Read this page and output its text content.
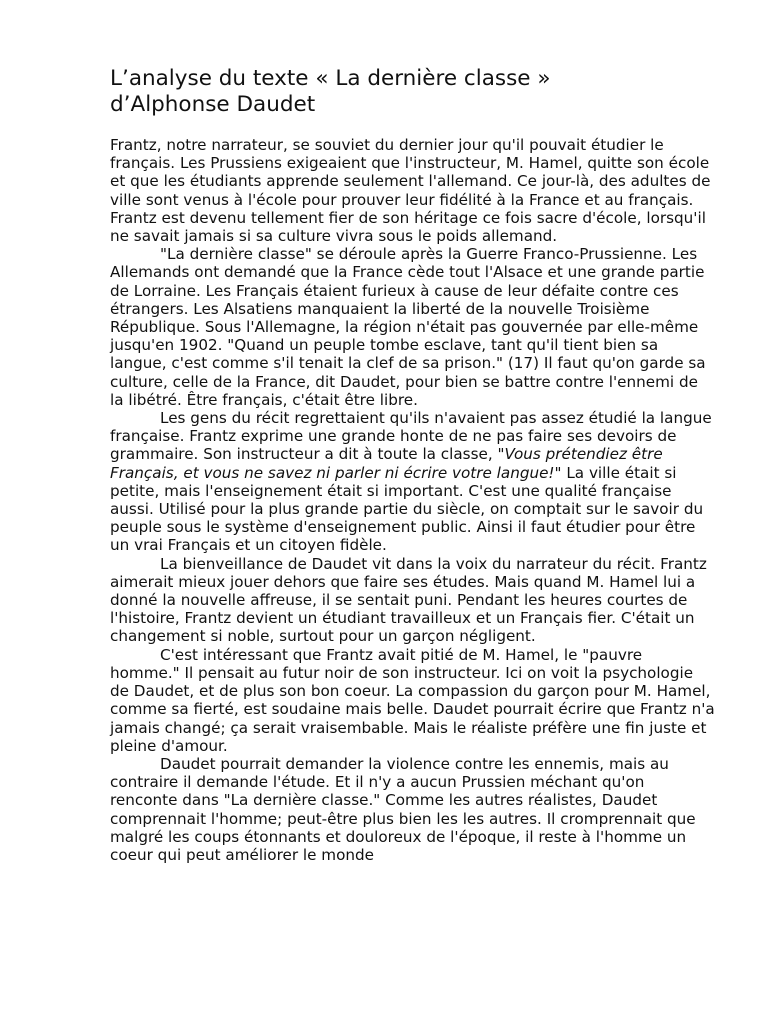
L’analyse du texte « La dernière classe »
d’Alphonse Daudet

Frantz, notre narrateur, se souviet du dernier jour qu'il pouvait étudier le français. Les Prussiens exigeaient que l'instructeur, M. Hamel, quitte son école et que les étudiants apprende seulement l'allemand. Ce jour-là, des adultes de ville sont venus à l'école pour prouver leur fidélité à la France et au français. Frantz est devenu tellement fier de son héritage ce fois sacre d'école, lorsqu'il ne savait jamais si sa culture vivra sous le poids allemand.

"La dernière classe" se déroule après la Guerre Franco-Prussienne. Les Allemands ont demandé que la France cède tout l'Alsace et une grande partie de Lorraine. Les Français étaient furieux à cause de leur défaite contre ces étrangers. Les Alsatiens manquaient la liberté de la nouvelle Troisième République. Sous l'Allemagne, la région n'était pas gouvernée par elle-même jusqu'en 1902. "Quand un peuple tombe esclave, tant qu'il tient bien sa langue, c'est comme s'il tenait la clef de sa prison." (17) Il faut qu'on garde sa culture, celle de la France, dit Daudet, pour bien se battre contre l'ennemi de la libétré. Être français, c'était être libre.

Les gens du récit regrettaient qu'ils n'avaient pas assez étudié la langue française. Frantz exprime une grande honte de ne pas faire ses devoirs de grammaire. Son instructeur a dit à toute la classe, "Vous prétendiez être Français, et vous ne savez ni parler ni écrire votre langue!" La ville était si petite, mais l'enseignement était si important. C'est une qualité française aussi. Utilisé pour la plus grande partie du siècle, on comptait sur le savoir du peuple sous le système d'enseignement public. Ainsi il faut étudier pour être un vrai Français et un citoyen fidèle.

La bienveillance de Daudet vit dans la voix du narrateur du récit. Frantz aimerait mieux jouer dehors que faire ses études. Mais quand M. Hamel lui a donné la nouvelle affreuse, il se sentait puni. Pendant les heures courtes de l'histoire, Frantz devient un étudiant travailleux et un Français fier. C'était un changement si noble, surtout pour un garçon négligent.

C'est intéressant que Frantz avait pitié de M. Hamel, le "pauvre homme." Il pensait au futur noir de son instructeur. Ici on voit la psychologie de Daudet, et de plus son bon coeur. La compassion du garçon pour M. Hamel, comme sa fierté, est soudaine mais belle. Daudet pourrait écrire que Frantz n'a jamais changé; ça serait vraisembable. Mais le réaliste préfère une fin juste et pleine d'amour.

Daudet pourrait demander la violence contre les ennemis, mais au contraire il demande l'étude. Et il n'y a aucun Prussien méchant qu'on renconte dans "La dernière classe." Comme les autres réalistes, Daudet comprennait l'homme; peut-être plus bien les les autres. Il cromprennait que malgré les coups étonnants et douloreux de l'époque, il reste à l'homme un coeur qui peut améliorer le monde
